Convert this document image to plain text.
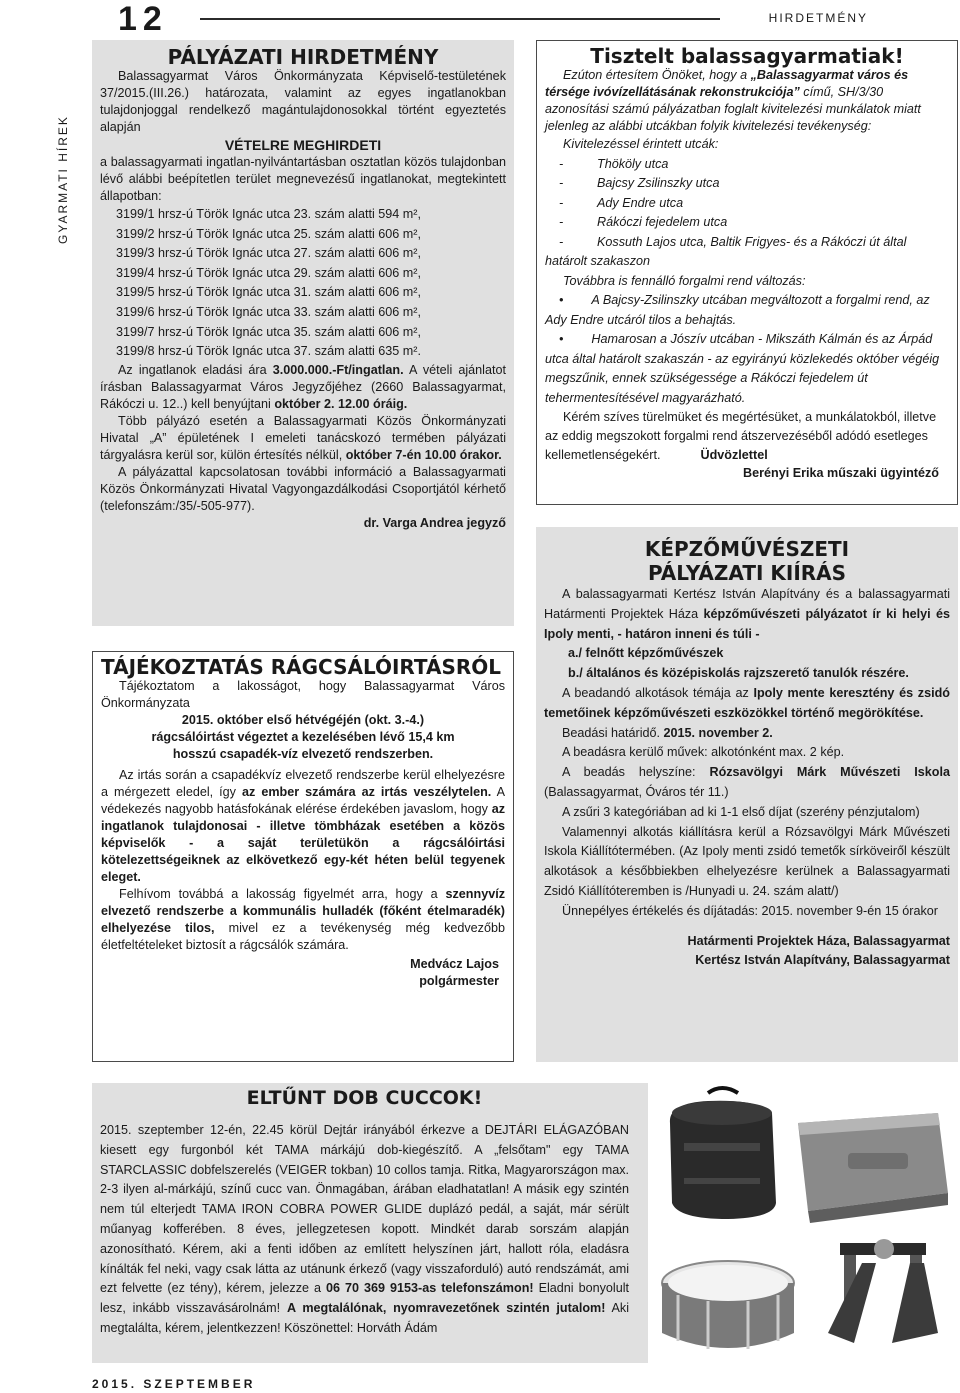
12	HIRDETMÉNY
GYARMATI HÍREK
PÁLYÁZATI HIRDETMÉNY

Balassagyarmat Város Önkormányzata Képviselő-testületének 37/2015.(III.26.) határozata, valamint az egyes ingatlanokban tulajdonjoggal rendelkező magántulajdonosokkal történt egyeztetés alapján

VÉTELRE MEGHIRDETI

a balassagyarmati ingatlan-nyilvántartásban osztatlan közös tulajdonban lévő alábbi beépítetlen terület megnevezésű ingatlanokat, megtekintett állapotban:

3199/1 hrsz-ú Török Ignác utca 23. szám alatti 594 m²,

3199/2 hrsz-ú Török Ignác utca 25. szám alatti 606 m²,

3199/3 hrsz-ú Török Ignác utca 27. szám alatti 606 m²,

3199/4 hrsz-ú Török Ignác utca 29. szám alatti 606 m²,

3199/5 hrsz-ú Török Ignác utca 31. szám alatti 606 m²,

3199/6 hrsz-ú Török Ignác utca 33. szám alatti 606 m²,

3199/7 hrsz-ú Török Ignác utca 35. szám alatti 606 m²,

3199/8 hrsz-ú Török Ignác utca 37. szám alatti 635 m².

Az ingatlanok eladási ára 3.000.000.-Ft/ingatlan. A vételi ajánlatot írásban Balassagyarmat Város Jegyzőjéhez (2660 Balassagyarmat, Rákóczi u. 12..) kell benyújtani október 2. 12.00 óráig.

Több pályázó esetén a Balassagyarmati Közös Önkormányzati Hivatal „A” épületének I emeleti tanácskozó termében pályázati tárgyalásra kerül sor, külön értesítés nélkül, október 7-én 10.00 órakor.

A pályázattal kapcsolatosan további információ a Balassagyarmati Közös Önkormányzati Hivatal Vagyongazdálkodási Csoportjától kérhető (telefonszám:/35/-505-977).

dr. Varga Andrea jegyző

Tisztelt balassagyarmatiak!

Ezúton értesítem Önöket, hogy a „Balassagyarmat város és térsége ivóvízellátásának rekonstrukciója” című, SH/3/30 azonosítási számú pályázatban foglalt kivitelezési munkálatok miatt jelenleg az alábbi utcákban folyik kivitelezési tevékenység:

Kivitelezéssel érintett utcák:

-	Thököly utca

-	Bajcsy Zsilinszky utca

-	Ady Endre utca

-	Rákóczi fejedelem utca

-	Kossuth Lajos utca, Baltik Frigyes- és a Rákóczi út által

határolt szakaszon

Továbbra is fennálló forgalmi rend változás:

• A Bajcsy-Zsilinszky utcában megváltozott a forgalmi rend, az Ady Endre utcáról tilos a behajtás.

• Hamarosan a Jószív utcában - Mikszáth Kálmán és az Árpád utca által határolt szakaszán - az egyirányú közlekedés október végéig megszűnik, ennek szükségessége a Rákóczi fejedelem út tehermentesítésével magyarázható.

Kérém szíves türelmüket és megértésüket, a munkálatokból, illetve az eddig megszokott forgalmi rend átszervezéséből adódó esetleges kellemetlenségekért.	Üdvözlettel

Berényi Erika műszaki ügyintéző

TÁJÉKOZTATÁS RÁGCSÁLÓIRTÁSRÓL

Tájékoztatom a lakosságot, hogy Balassagyarmat Város Önkormányzata

2015. október első hétvégéjén (okt. 3.-4.)

rágcsálóirtást végeztet a kezelésében lévő 15,4 km hosszú csapadék-víz elvezető rendszerben.

Az irtás során a csapadékvíz elvezető rendszerbe kerül elhelyezésre a mérgezett eledel, így az ember számára az irtás veszélytelen. A védekezés nagyobb hatásfokának elérése érdekében javaslom, hogy az ingatlanok tulajdonosai - illetve tömbházak esetében a közös képviselők - a saját területükön a rágcsálóirtási kötelezettségeiknek az elkövetkező egy-két héten belül tegyenek eleget.

Felhívom továbbá a lakosság figyelmét arra, hogy a szennyvíz elvezető rendszerbe a kommunális hulladék (főként ételmaradék) elhelyezése tilos, mivel ez a tevékenység még kedvezőbb életfeltételeket biztosít a rágcsálók számára.

Medvácz Lajos

polgármester

KÉPZŐMŰVÉSZETI
PÁLYÁZATI KIÍRÁS

A balassagyarmati Kertész István Alapítvány és a balassagyarmati Határmenti Projektek Háza képzőművészeti pályázatot ír ki helyi és Ipoly menti, - határon inneni és túli -

a./ felnőtt képzőművészek

b./ általános és középiskolás rajzszerető tanulók részére.

A beadandó alkotások témája az Ipoly mente keresztény és zsidó temetőinek képzőművészeti eszközökkel történő megörökítése.

Beadási határidő. 2015. november 2.

A beadásra kerülő művek: alkotónként max. 2 kép.

A beadás helyszíne: Rózsavölgyi Márk Művészeti Iskola (Balassagyarmat, Óváros tér 11.)

A zsűri 3 kategóriában ad ki 1-1 első díjat (szerény pénzjutalom)

Valamennyi alkotás kiállításra kerül a Rózsavölgyi Márk Művészeti Iskola Kiállítótermében. (Az Ipoly menti zsidó temetők sírköveiről készült alkotások a későbbiekben elhelyezésre kerülnek a Balassagyarmati Zsidó Kiállítóteremben is /Hunyadi u. 24. szám alatt/)

Ünnepélyes értékelés és díjátadás: 2015. november 9-én 15 órakor

Határmenti Projektek Háza, Balassagyarmat

Kertész István Alapítvány, Balassagyarmat

ELTŰNT DOB CUCCOK!

2015. szeptember 12-én, 22.45 körül Dejtár irányából érkezve a DEJTÁRI ELÁGAZÓBAN kiesett egy furgonból két TAMA márkájú dob-kiegészítő. A „felsőtam" egy TAMA STARCLASSIC dobfelszerelés (VEIGER tokban) 10 collos tamja. Ritka, Magyarországon max. 2-3 ilyen al-márkájú, színű cucc van. Önmagában, árában eladhatatlan! A másik egy szintén nem túl elterjedt TAMA IRON COBRA POWER GLIDE duplázó pedál, a saját, már sérült műanyag kofferében. 8 éves, jellegzetesen kopott. Mindkét darab sorszám alapján azonosítható. Kérem, aki a fenti időben az említett helyszínen járt, hallott róla, eladásra kínálták fel neki, vagy csak látta az utánunk érkező (vagy visszaforduló) autó rendszámát, ami ezt felvette (ez tény), kérem, jelezze a 06 70 369 9153-as telefonszámon! Eladni bonyolult lesz, inkább visszavásárolnám! A megtalálónak, nyomravezetőnek szintén jutalom! Aki megtalálta, kérem, jelentkezzen! Köszönettel: Horváth Ádám

2015. SZEPTEMBER
